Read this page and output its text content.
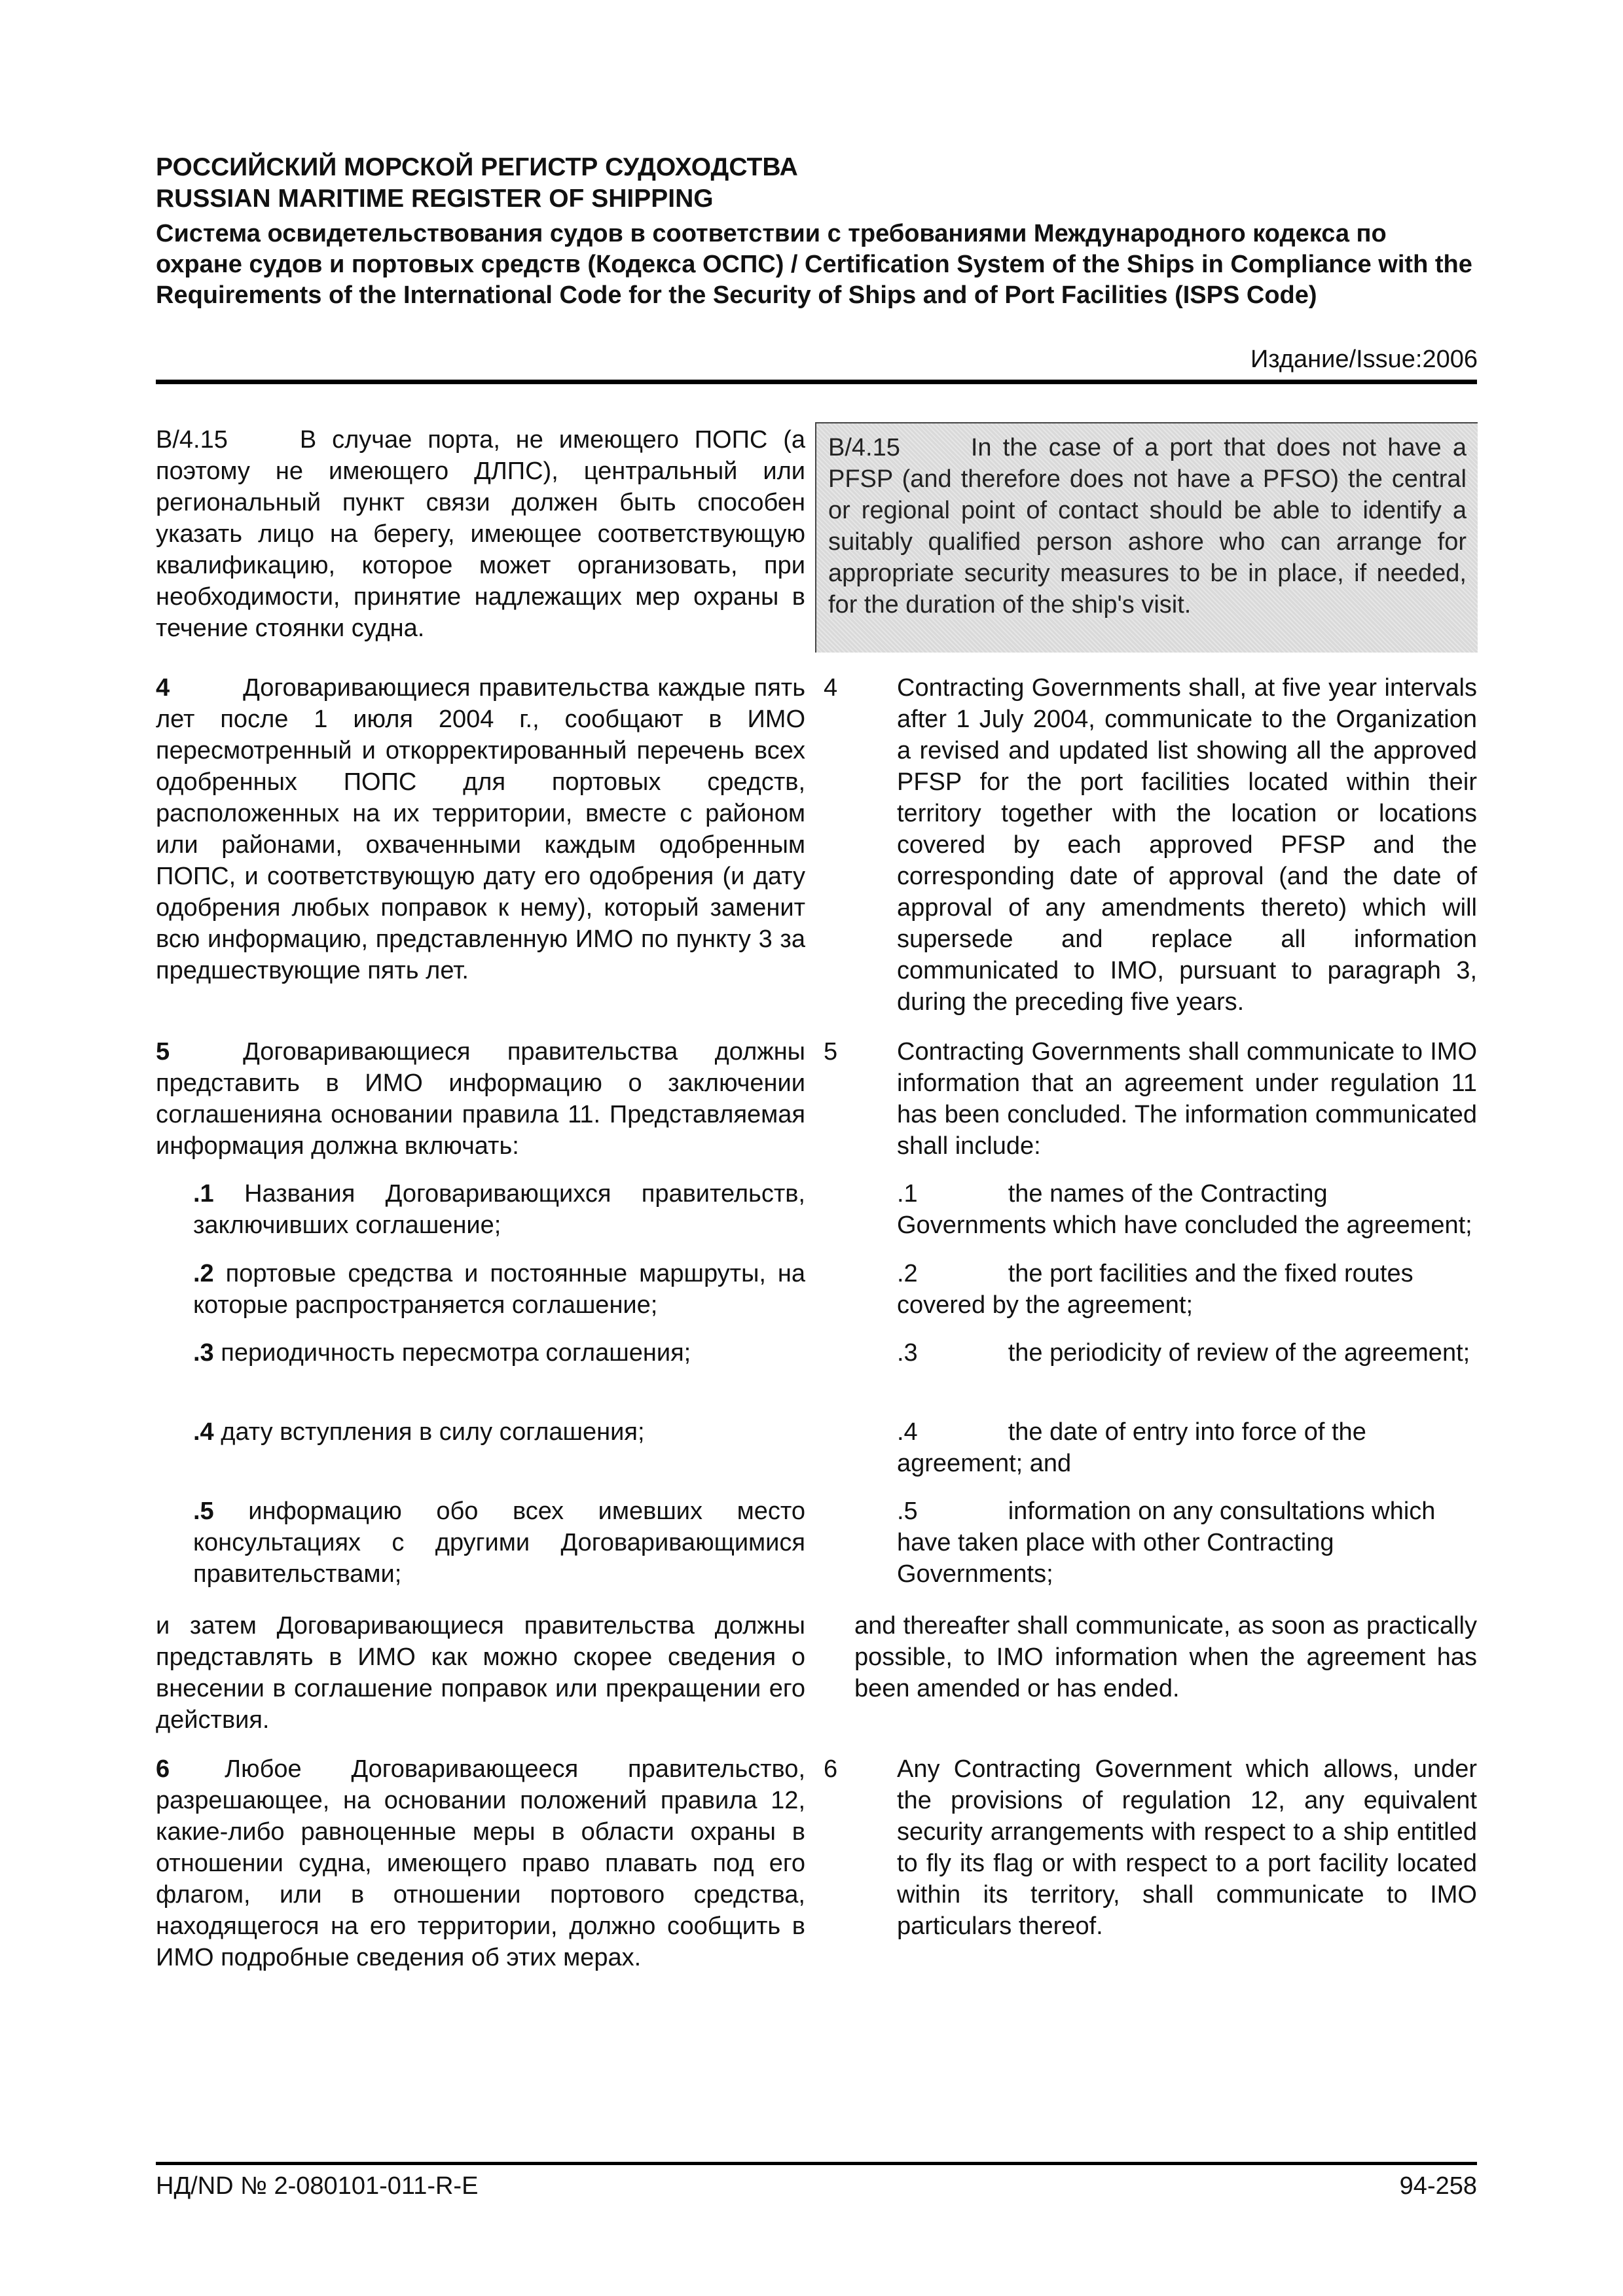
РОССИЙСКИЙ МОРСКОЙ РЕГИСТР СУДОХОДСТВА
RUSSIAN MARITIME REGISTER OF SHIPPING
Система освидетельствования судов в соответствии с требованиями Международного кодекса по охране судов и портовых средств (Кодекса ОСПС) / Certification System of the Ships in Compliance with the Requirements of the International Code for the Security of Ships and of Port Facilities (ISPS Code)
Издание/Issue:2006
B/4.15	В случае порта, не имеющего ПОПС (а поэтому не имеющего ДЛПС), центральный или региональный пункт связи должен быть способен указать лицо на берегу, имеющее соответствующую квалификацию, которое может организовать, при необходимости, принятие надлежащих мер охраны в течение стоянки судна.
B/4.15	In the case of a port that does not have a PFSP (and therefore does not have a PFSO) the central or regional point of contact should be able to identify a suitably qualified person ashore who can arrange for appropriate security measures to be in place, if needed, for the duration of the ship's visit.
4	Договаривающиеся правительства каждые пять лет после 1 июля 2004 г., сообщают в ИМО пересмотренный и откорректированный перечень всех одобренных ПОПС для портовых средств, расположенных на их территории, вместе с районом или районами, охваченными каждым одобренным ПОПС, и соответствующую дату его одобрения (и дату одобрения любых поправок к нему), который заменит всю информацию, представленную ИМО по пункту 3 за предшествующие пять лет.
4 Contracting Governments shall, at five year intervals after 1 July 2004, communicate to the Organization a revised and updated list showing all the approved PFSP for the port facilities located within their territory together with the location or locations covered by each approved PFSP and the corresponding date of approval (and the date of approval of any amendments thereto) which will supersede and replace all information communicated to IMO, pursuant to paragraph 3, during the preceding five years.
5	Договаривающиеся правительства должны представить в ИМО информацию о заключении соглашенияна основании правила 11. Представляемая информация должна включать:
5 Contracting Governments shall communicate to IMO information that an agreement under regulation 11 has been concluded. The information communicated shall include:
.1 Названия Договаривающихся правительств, заключивших соглашение;
.1	the names of the Contracting Governments which have concluded the agreement;
.2 портовые средства и постоянные маршруты, на которые распространяется соглашение;
.2	the port facilities and the fixed routes covered by the agreement;
.3 периодичность пересмотра соглашения;	.3	the periodicity of review of the agreement;
.4 дату вступления в силу соглашения;	.4	the date of entry into force of the agreement; and
.5 информацию обо всех имевших место консультациях с другими Договаривающимися правительствами;
.5	information on any consultations which have taken place with other Contracting Governments;
и затем Договаривающиеся правительства должны представлять в ИМО как можно скорее сведения о внесении в соглашение поправок или прекращении его действия.
and thereafter shall communicate, as soon as practically possible, to IMO information when the agreement has been amended or has ended.
6 Любое Договаривающееся правительство, разрешающее, на основании положений правила 12, какие-либо равноценные меры в области охраны в отношении судна, имеющего право плавать под его флагом, или в отношении портового средства, находящегося на его территории, должно сообщить в ИМО подробные сведения об этих мерах.
6 Any Contracting Government which allows, under the provisions of regulation 12, any equivalent security arrangements with respect to a ship entitled to fly its flag or with respect to a port facility located within its territory, shall communicate to IMO particulars thereof.
НД/ND № 2-080101-011-R-E	94-258
